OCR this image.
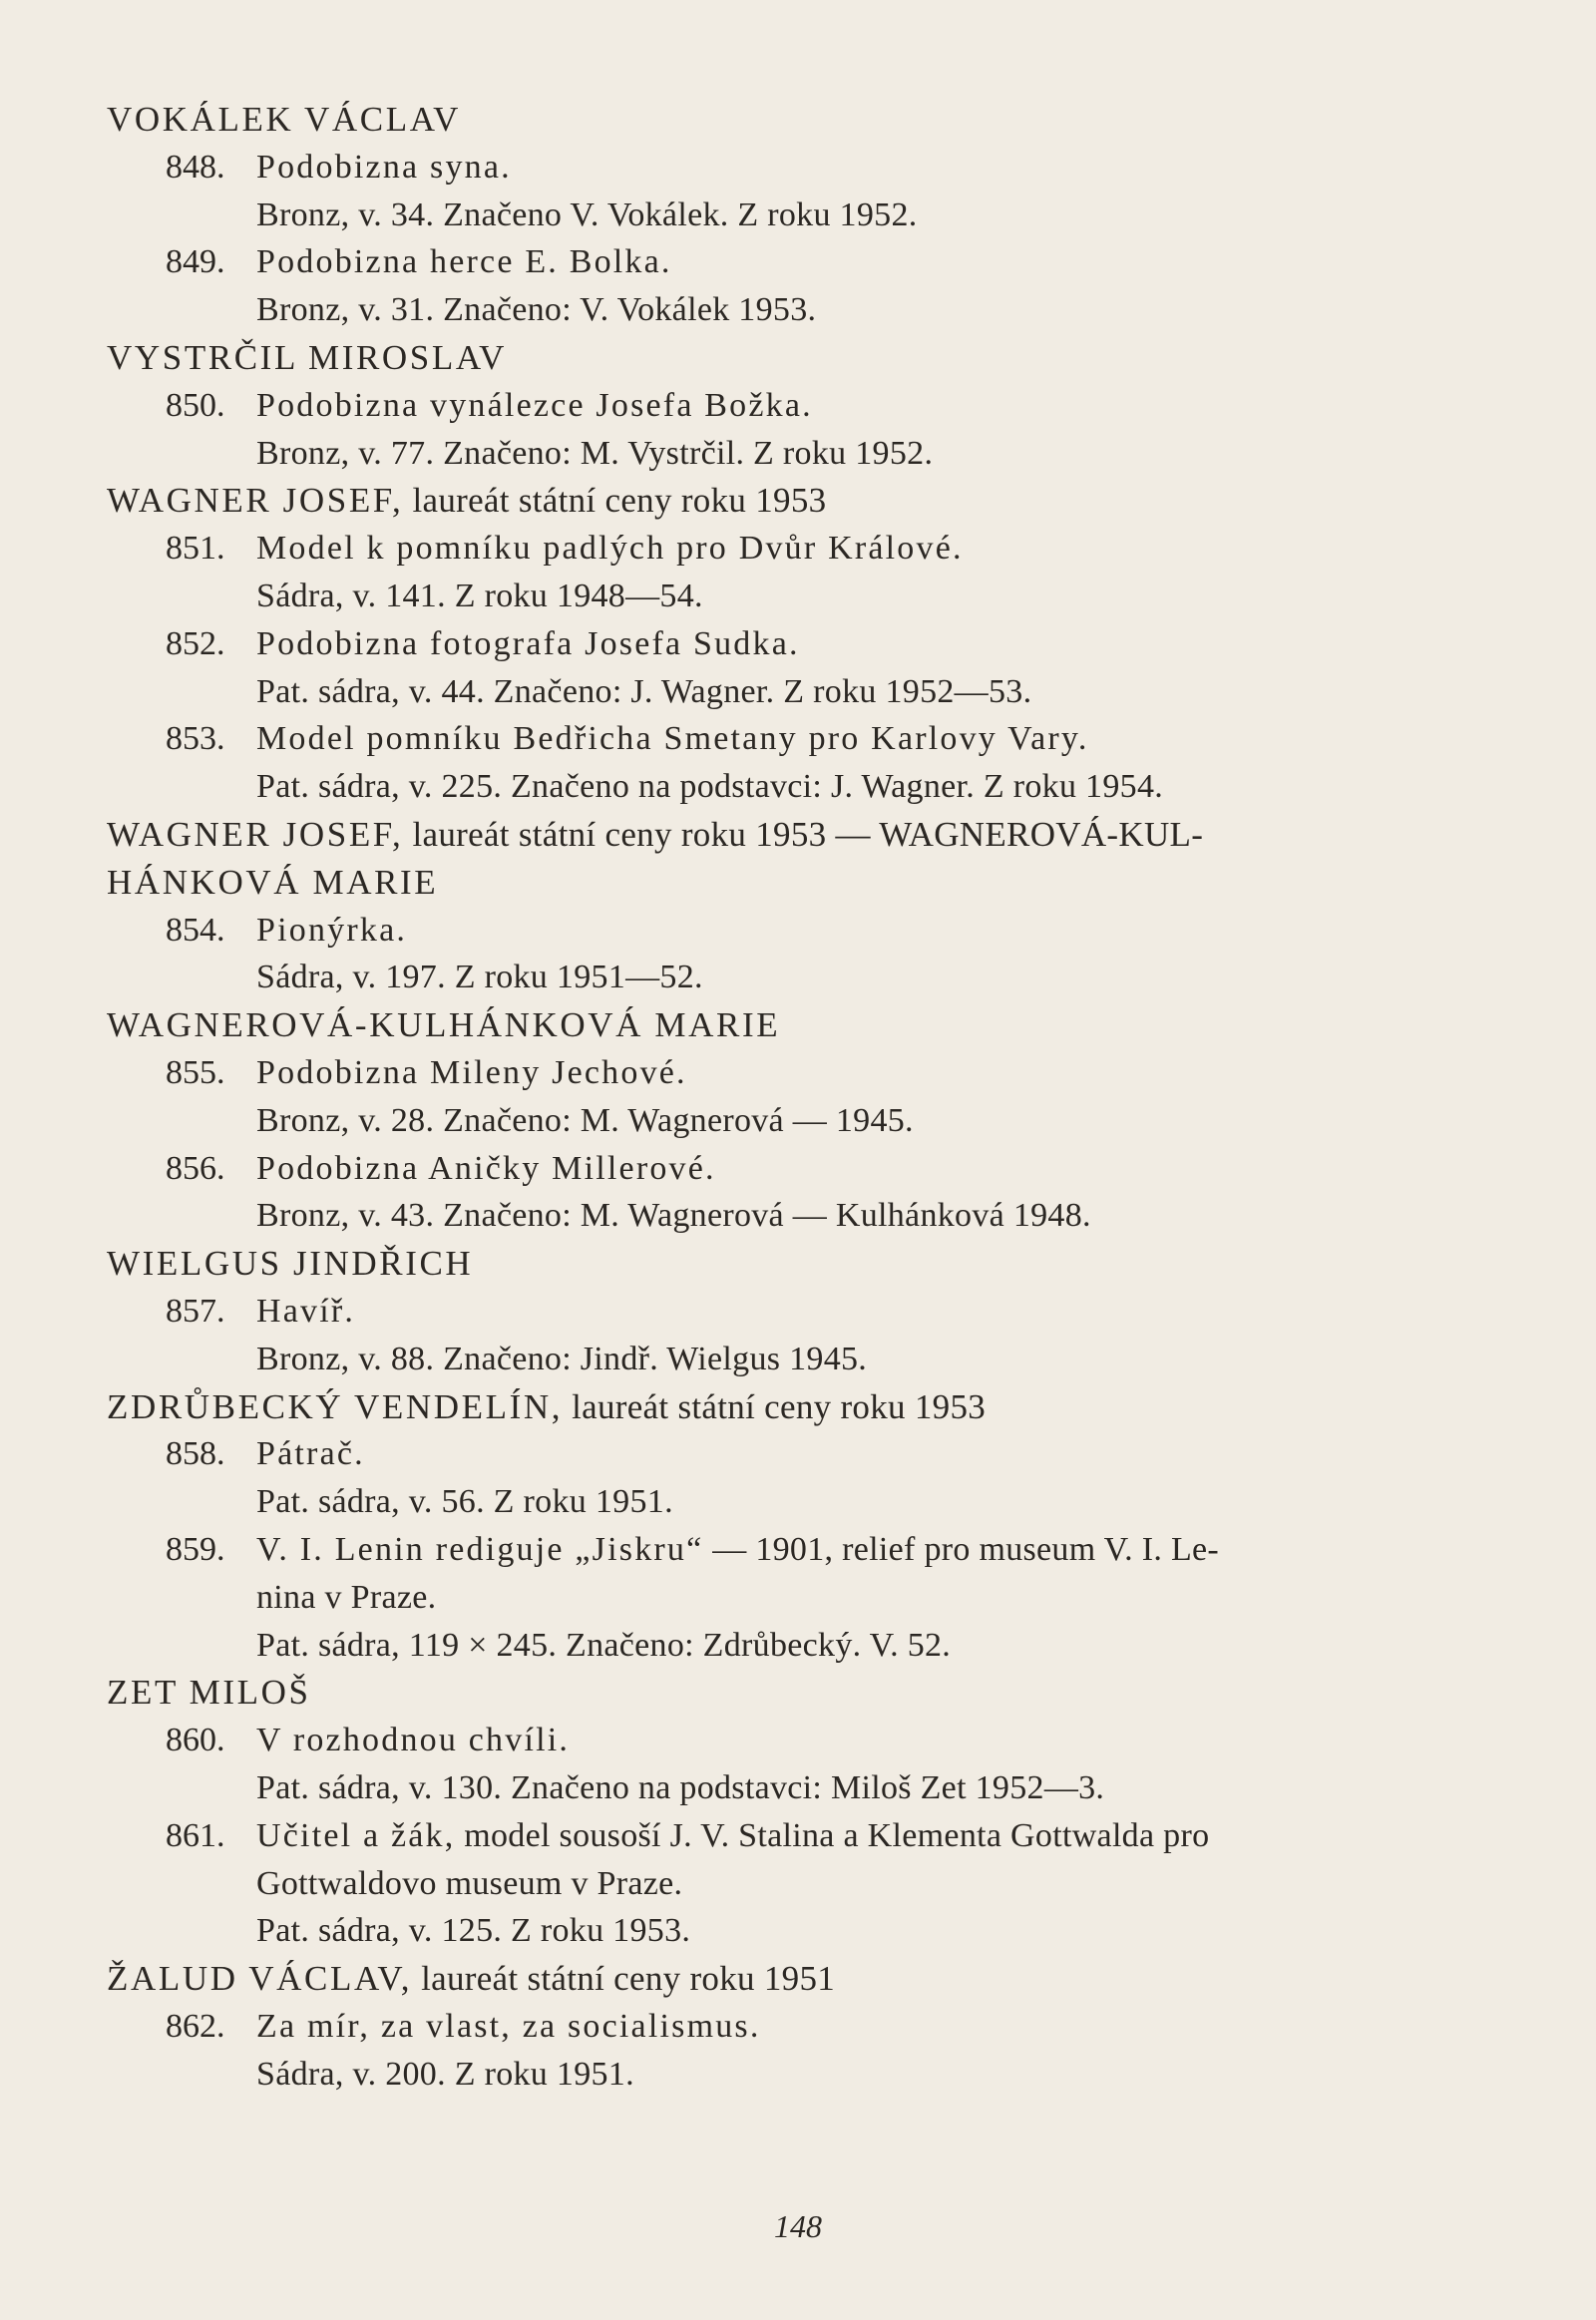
VOKÁLEK VÁCLAV
848. Podobizna syna.
Bronz, v. 34. Značeno V. Vokálek. Z roku 1952.
849. Podobizna herce E. Bolka.
Bronz, v. 31. Značeno: V. Vokálek 1953.
VYSTRČIL MIROSLAV
850. Podobizna vynálezce Josefa Božka.
Bronz, v. 77. Značeno: M. Vystrčil. Z roku 1952.
WAGNER JOSEF, laureát státní ceny roku 1953
851. Model k pomníku padlých pro Dvůr Králové.
Sádra, v. 141. Z roku 1948—54.
852. Podobizna fotografa Josefa Sudka.
Pat. sádra, v. 44. Značeno: J. Wagner. Z roku 1952—53.
853. Model pomníku Bedřicha Smetany pro Karlovy Vary.
Pat. sádra, v. 225. Značeno na podstavci: J. Wagner. Z roku 1954.
WAGNER JOSEF, laureát státní ceny roku 1953 — WAGNEROVÁ-KUL-
HÁNKOVÁ MARIE
854. Pionýrka.
Sádra, v. 197. Z roku 1951—52.
WAGNEROVÁ-KULHÁNKOVÁ MARIE
855. Podobizna Mileny Jechové.
Bronz, v. 28. Značeno: M. Wagnerová — 1945.
856. Podobizna Aničky Millerové.
Bronz, v. 43. Značeno: M. Wagnerová — Kulhánková 1948.
WIELGUS JINDŘICH
857. Havíř.
Bronz, v. 88. Značeno: Jindř. Wielgus 1945.
ZDRŮBECKÝ VENDELÍN, laureát státní ceny roku 1953
858. Pátrač.
Pat. sádra, v. 56. Z roku 1951.
859. V. I. Lenin rediguje „Jiskru“ — 1901, relief pro museum V. I. Le-
nina v Praze.
Pat. sádra, 119 × 245. Značeno: Zdrůbecký. V. 52.
ZET MILOŠ
860. V rozhodnou chvíli.
Pat. sádra, v. 130. Značeno na podstavci: Miloš Zet 1952—3.
861. Učitel a žák, model sousoší J. V. Stalina a Klementa Gottwalda pro
Gottwaldovo museum v Praze.
Pat. sádra, v. 125. Z roku 1953.
ŽALUD VÁCLAV, laureát státní ceny roku 1951
862. Za mír, za vlast, za socialismus.
Sádra, v. 200. Z roku 1951.
148
